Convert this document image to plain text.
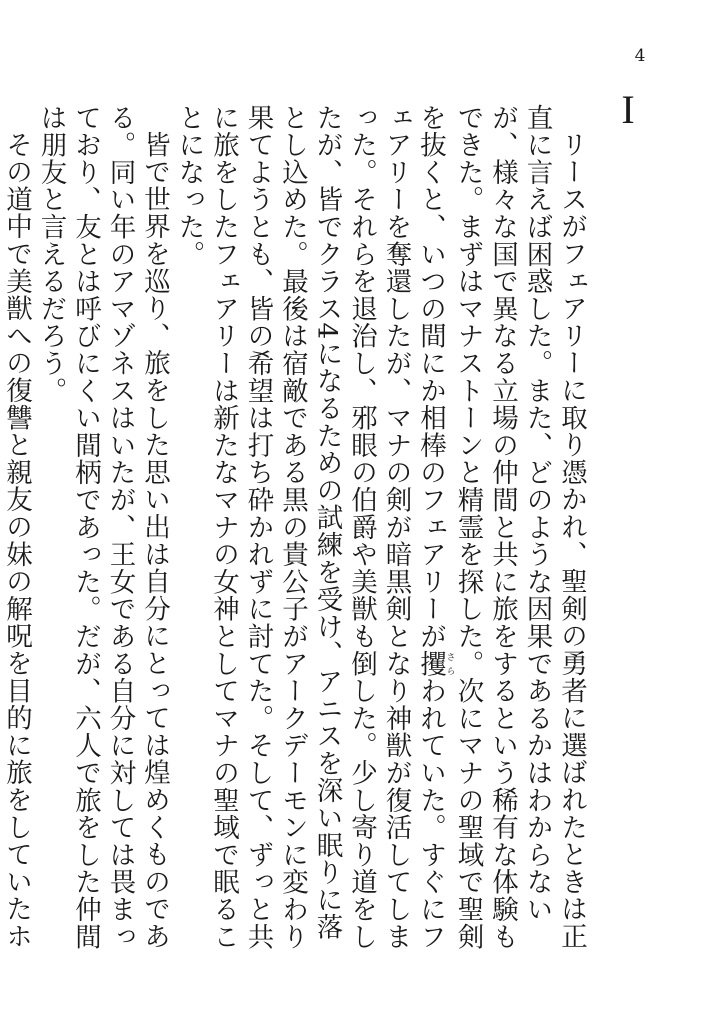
4
I

リースがフェアリーに取り憑かれ、聖剣の勇者に選ばれたときは正直に言えば困惑した。また、どのような因果であるかはわからないが、様々な国で異なる立場の仲間と共に旅をするという稀有な体験もできた。まずはマナストーンと精霊を探した。次にマナの聖域で聖剣を抜くと、いつの間にか相棒のフェアリーが攫さらわれていた。すぐにフェアリーを奪還したが、マナの剣が暗黒剣となり神獣が復活してしまった。それらを退治し、邪眼の伯爵や美獣も倒した。少し寄り道をしたが、皆でクラス4になるための試練を受け、アニスを深い眠りに落とし込めた。最後は宿敵である黒の貴公子がアークデーモンに変わり果てようとも、皆の希望は打ち砕かれずに討てた。そして、ずっと共に旅をしたフェアリーは新たなマナの女神としてマナの聖域で眠ることになった。

皆で世界を巡り、旅をした思い出は自分にとっては煌めくものである。同い年のアマゾネスはいたが、王女である自分に対しては畏まっており、友とは呼びにくい間柄であった。だが、六人で旅をした仲間は朋友と言えるだろう。

その道中で美獣への復讐と親友の妹の解呪を目的に旅をしていたホ
